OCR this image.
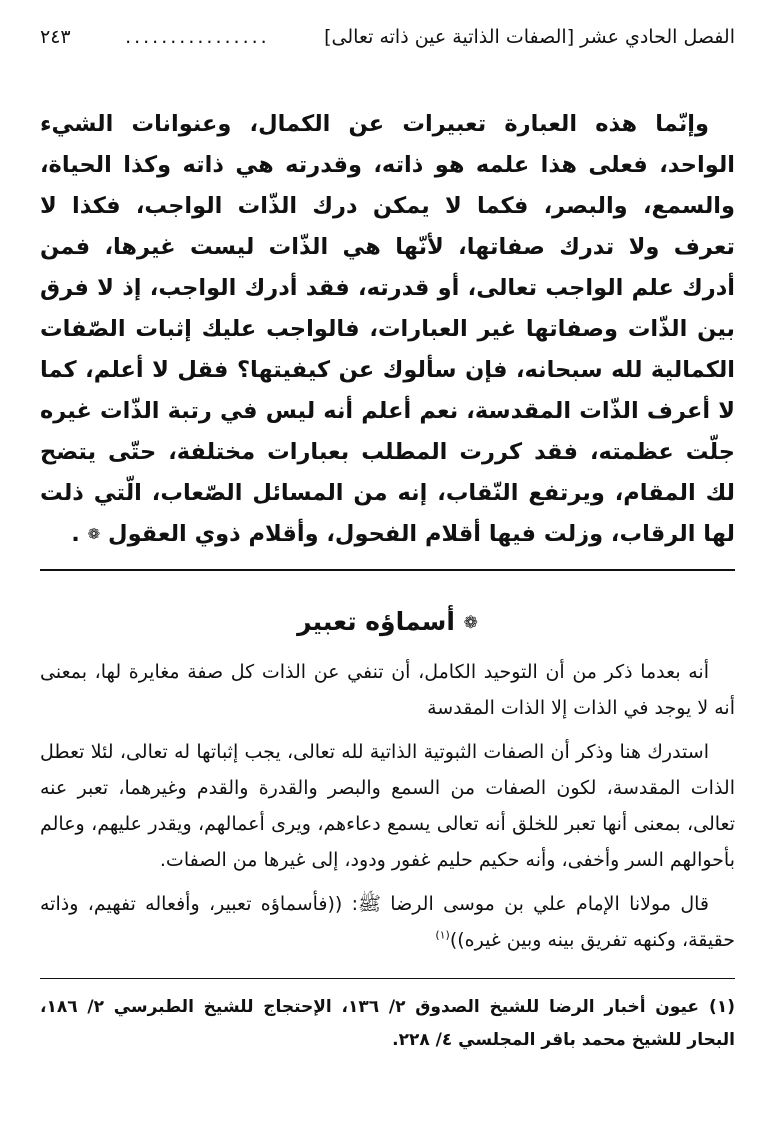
الفصل الحادي عشر [الصفات الذاتية عين ذاته تعالى]
................
٢٤٣

وإنّما هذه العبارة تعبيرات عن الكمال، وعنوانات الشيء الواحد، فعلى هذا علمه هو ذاته، وقدرته هي ذاته وكذا الحياة، والسمع، والبصر، فكما لا يمكن درك الذّات الواجب، فكذا لا تعرف ولا تدرك صفاتها، لأنّها هي الذّات ليست غيرها، فمن أدرك علم الواجب تعالى، أو قدرته، فقد أدرك الواجب، إذ لا فرق بين الذّات وصفاتها غير العبارات، فالواجب عليك إثبات الصّفات الكمالية لله سبحانه، فإن سألوك عن كيفيتها؟ فقل لا أعلم، كما لا أعرف الذّات المقدسة، نعم أعلم أنه ليس في رتبة الذّات غيره جلّت عظمته، فقد كررت المطلب بعبارات مختلفة، حتّى يتضح لك المقام، ويرتفع النّقاب، إنه من المسائل الصّعاب، الّتي ذلت لها الرقاب، وزلت فيها أقلام الفحول، وأقلام ذوي العقول ❁ .

❁ أسماؤه تعبير

أنه بعدما ذكر من أن التوحيد الكامل، أن تنفي عن الذات كل صفة مغايرة لها، بمعنى أنه لا يوجد في الذات إلا الذات المقدسة

استدرك هنا وذكر أن الصفات الثبوتية الذاتية لله تعالى، يجب إثباتها له تعالى، لئلا تعطل الذات المقدسة، لكون الصفات من السمع والبصر والقدرة والقدم وغيرهما، تعبر عنه تعالى، بمعنى أنها تعبر للخلق أنه تعالى يسمع دعاءهم، ويرى أعمالهم، ويقدر عليهم، وعالم بأحوالهم السر وأخفى، وأنه حكيم حليم غفور ودود، إلى غيرها من الصفات.

قال مولانا الإمام علي بن موسى الرضا ﷺ: ((فأسماؤه تعبير، وأفعاله تفهيم، وذاته حقيقة، وكنهه تفريق بينه وبين غيره))$^{(١)}$

(١)عيون أخبار الرضا للشيخ الصدوق ٢/ ١٣٦، الإحتجاج للشيخ الطبرسي ٢/ ١٨٦، البحار للشيخ محمد باقر المجلسي ٤/ ٢٢٨.
